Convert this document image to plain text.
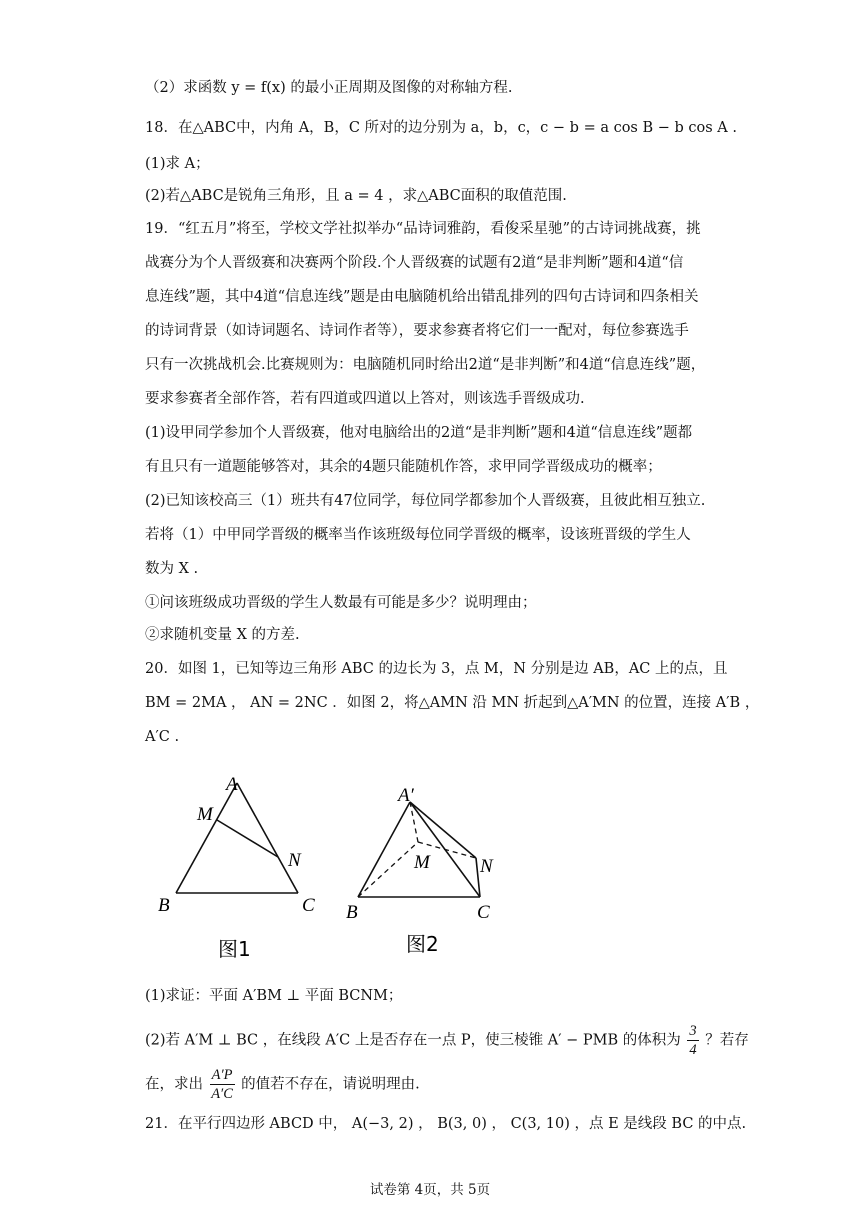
（2）求函数 y = f(x) 的最小正周期及图像的对称轴方程.
18．在△ABC中，内角 A，B，C 所对的边分别为 a，b，c，c − b = a cos B − b cos A .
(1)求 A；
(2)若△ABC是锐角三角形，且 a = 4 ，求△ABC面积的取值范围.
19．“红五月”将至，学校文学社拟举办“品诗词雅韵，看俊采星驰”的古诗词挑战赛，挑
战赛分为个人晋级赛和决赛两个阶段.个人晋级赛的试题有2道“是非判断”题和4道“信
息连线”题，其中4道“信息连线”题是由电脑随机给出错乱排列的四句古诗词和四条相关
的诗词背景（如诗词题名、诗词作者等），要求参赛者将它们一一配对，每位参赛选手
只有一次挑战机会.比赛规则为：电脑随机同时给出2道“是非判断”和4道“信息连线”题，
要求参赛者全部作答，若有四道或四道以上答对，则该选手晋级成功.
(1)设甲同学参加个人晋级赛，他对电脑给出的2道“是非判断”题和4道“信息连线”题都
有且只有一道题能够答对，其余的4题只能随机作答，求甲同学晋级成功的概率；
(2)已知该校高三（1）班共有47位同学，每位同学都参加个人晋级赛，且彼此相互独立.
若将（1）中甲同学晋级的概率当作该班级每位同学晋级的概率，设该班晋级的学生人
数为 X .
①问该班级成功晋级的学生人数最有可能是多少？说明理由；
②求随机变量 X 的方差.
20．如图 1，已知等边三角形 ABC 的边长为 3，点 M，N 分别是边 AB，AC 上的点，且
BM = 2MA ， AN = 2NC ．如图 2，将△AMN 沿 MN 折起到△A′MN 的位置，连接 A′B ，
A′C .
A
M
N
B	C
图1
A′
M	N
B	C
图2
(1)求证：平面 A′BM ⊥ 平面 BCNM；
(2)若 A′M ⊥ BC ，在线段 A′C 上是否存在一点 P，使三棱锥 A′ − PMB 的体积为 $\frac{3}{4}$ ？若存
在，求出 $\frac{A'P}{A'C}$ 的值若不存在，请说明理由.
21．在平行四边形 ABCD 中， A(−3, 2) ， B(3, 0) ， C(3, 10) ，点 E 是线段 BC 的中点.
试卷第 4页，共 5页
